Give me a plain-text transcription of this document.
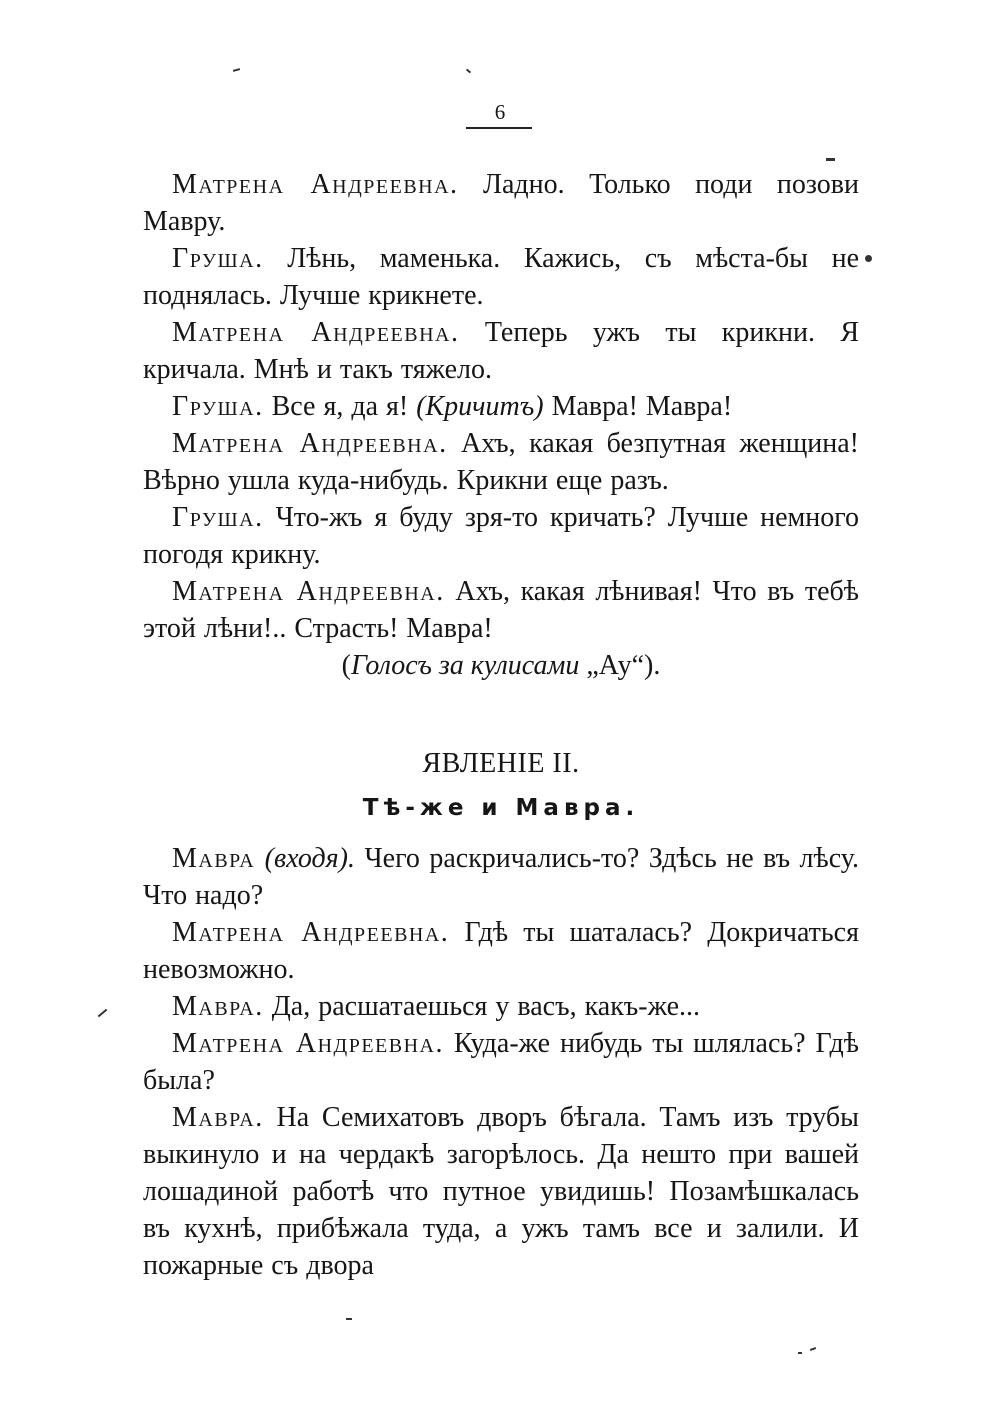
6

Матрена Андреевна. Ладно. Только поди позови Мавру.

Груша. Лѣнь, маменька. Кажись, съ мѣста-бы не поднялась. Лучше крикнете.

Матрена Андреевна. Теперь ужъ ты крикни. Я кричала. Мнѣ и такъ тяжело.

Груша. Все я, да я! (Кричитъ) Мавра! Мавра!

Матрена Андреевна. Ахъ, какая безпутная женщина! Вѣрно ушла куда-нибудь. Крикни еще разъ.

Груша. Что-жъ я буду зря-то кричать? Лучше немного погодя крикну.

Матрена Андреевна. Ахъ, какая лѣнивая! Что въ тебѣ этой лѣни!.. Страсть! Мавра!

(Голосъ за кулисами „Ау“).

ЯВЛЕНІЕ II.

Тѣ-же и Мавра.

Мавра (входя). Чего раскричались-то? Здѣсь не въ лѣсу. Что надо?

Матрена Андреевна. Гдѣ ты шаталась? Докричаться невозможно.

Мавра. Да, расшатаешься у васъ, какъ-же...

Матрена Андреевна. Куда-же нибудь ты шлялась? Гдѣ была?

Мавра. На Семихатовъ дворъ бѣгала. Тамъ изъ трубы выкинуло и на чердакѣ загорѣлось. Да нешто при вашей лошадиной работѣ что путное увидишь! Позамѣшкалась въ кухнѣ, прибѣжала туда, а ужъ тамъ все и залили. И пожарные съ двора
